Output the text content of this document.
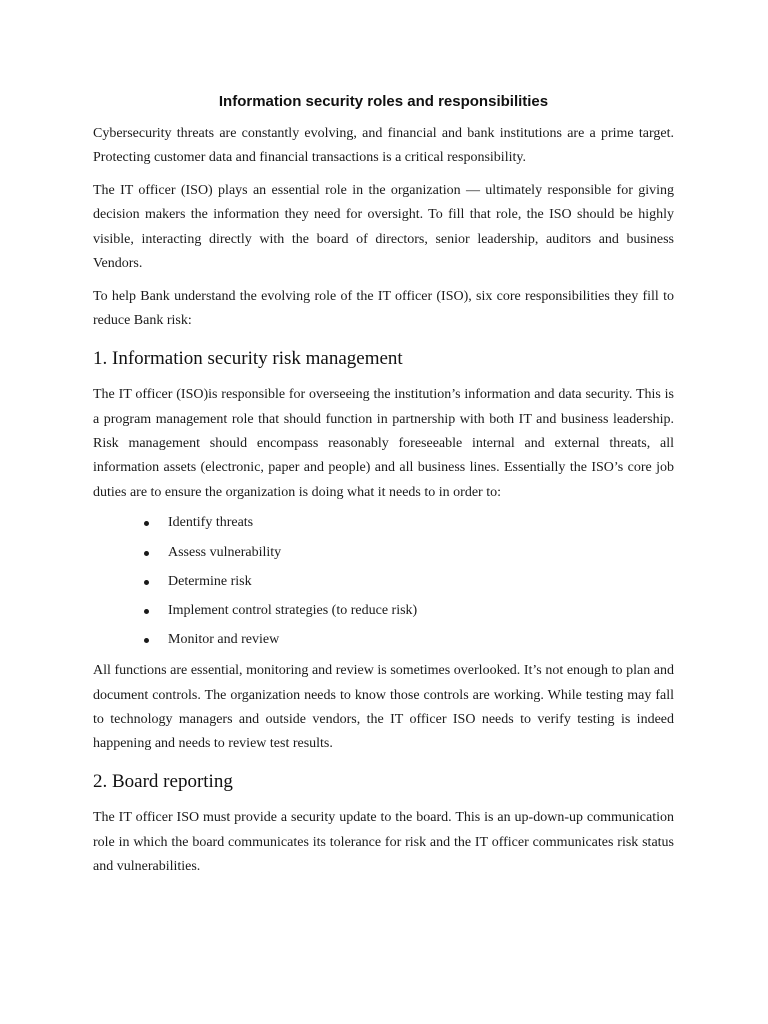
Information security roles and responsibilities

Cybersecurity threats are constantly evolving, and financial and bank institutions are a prime target. Protecting customer data and financial transactions is a critical responsibility.

The IT officer (ISO) plays an essential role in the organization — ultimately responsible for giving decision makers the information they need for oversight. To fill that role, the ISO should be highly visible, interacting directly with the board of directors, senior leadership, auditors and business Vendors.

To help Bank understand the evolving role of the IT officer (ISO), six core responsibilities they fill to reduce Bank risk:

1. Information security risk management

The IT officer (ISO)is responsible for overseeing the institution’s information and data security. This is a program management role that should function in partnership with both IT and business leadership. Risk management should encompass reasonably foreseeable internal and external threats, all information assets (electronic, paper and people) and all business lines. Essentially the ISO’s core job duties are to ensure the organization is doing what it needs to in order to:

Identify threats
Assess vulnerability
Determine risk
Implement control strategies (to reduce risk)
Monitor and review

All functions are essential, monitoring and review is sometimes overlooked. It’s not enough to plan and document controls. The organization needs to know those controls are working. While testing may fall to technology managers and outside vendors, the IT officer ISO needs to verify testing is indeed happening and needs to review test results.

2. Board reporting

The IT officer ISO must provide a security update to the board. This is an up-down-up communication role in which the board communicates its tolerance for risk and the IT officer communicates risk status and vulnerabilities.
